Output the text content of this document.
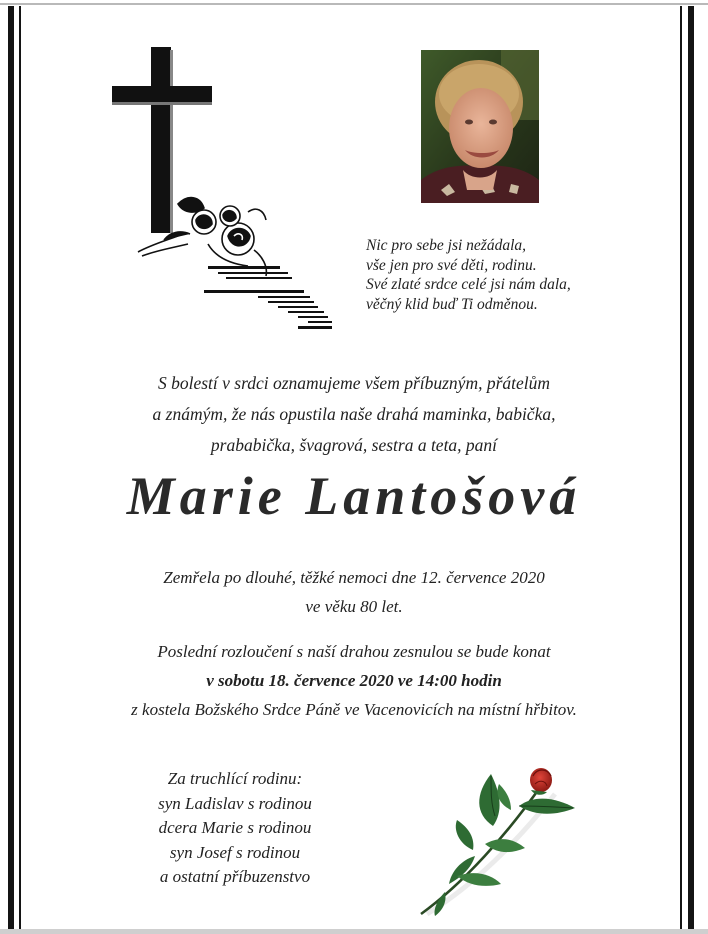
Nic pro sebe jsi nežádala,
vše jen pro své děti, rodinu.
Své zlaté srdce celé jsi nám dala,
věčný klid buď Ti odměnou.
S bolestí v srdci oznamujeme všem příbuzným, přátelům
a známým, že nás opustila naše drahá maminka, babička,
prababička, švagrová, sestra a teta, paní
Marie Lantošová
Zemřela po dlouhé, těžké nemoci dne 12. července 2020
ve věku 80 let.
Poslední rozloučení s naší drahou zesnulou se bude konat
v sobotu 18. července 2020 ve 14:00 hodin
z kostela Božského Srdce Páně ve Vacenovicích na místní hřbitov.
Za truchlící rodinu:
syn Ladislav s rodinou
dcera Marie s rodinou
syn Josef s rodinou
a ostatní příbuzenstvo
